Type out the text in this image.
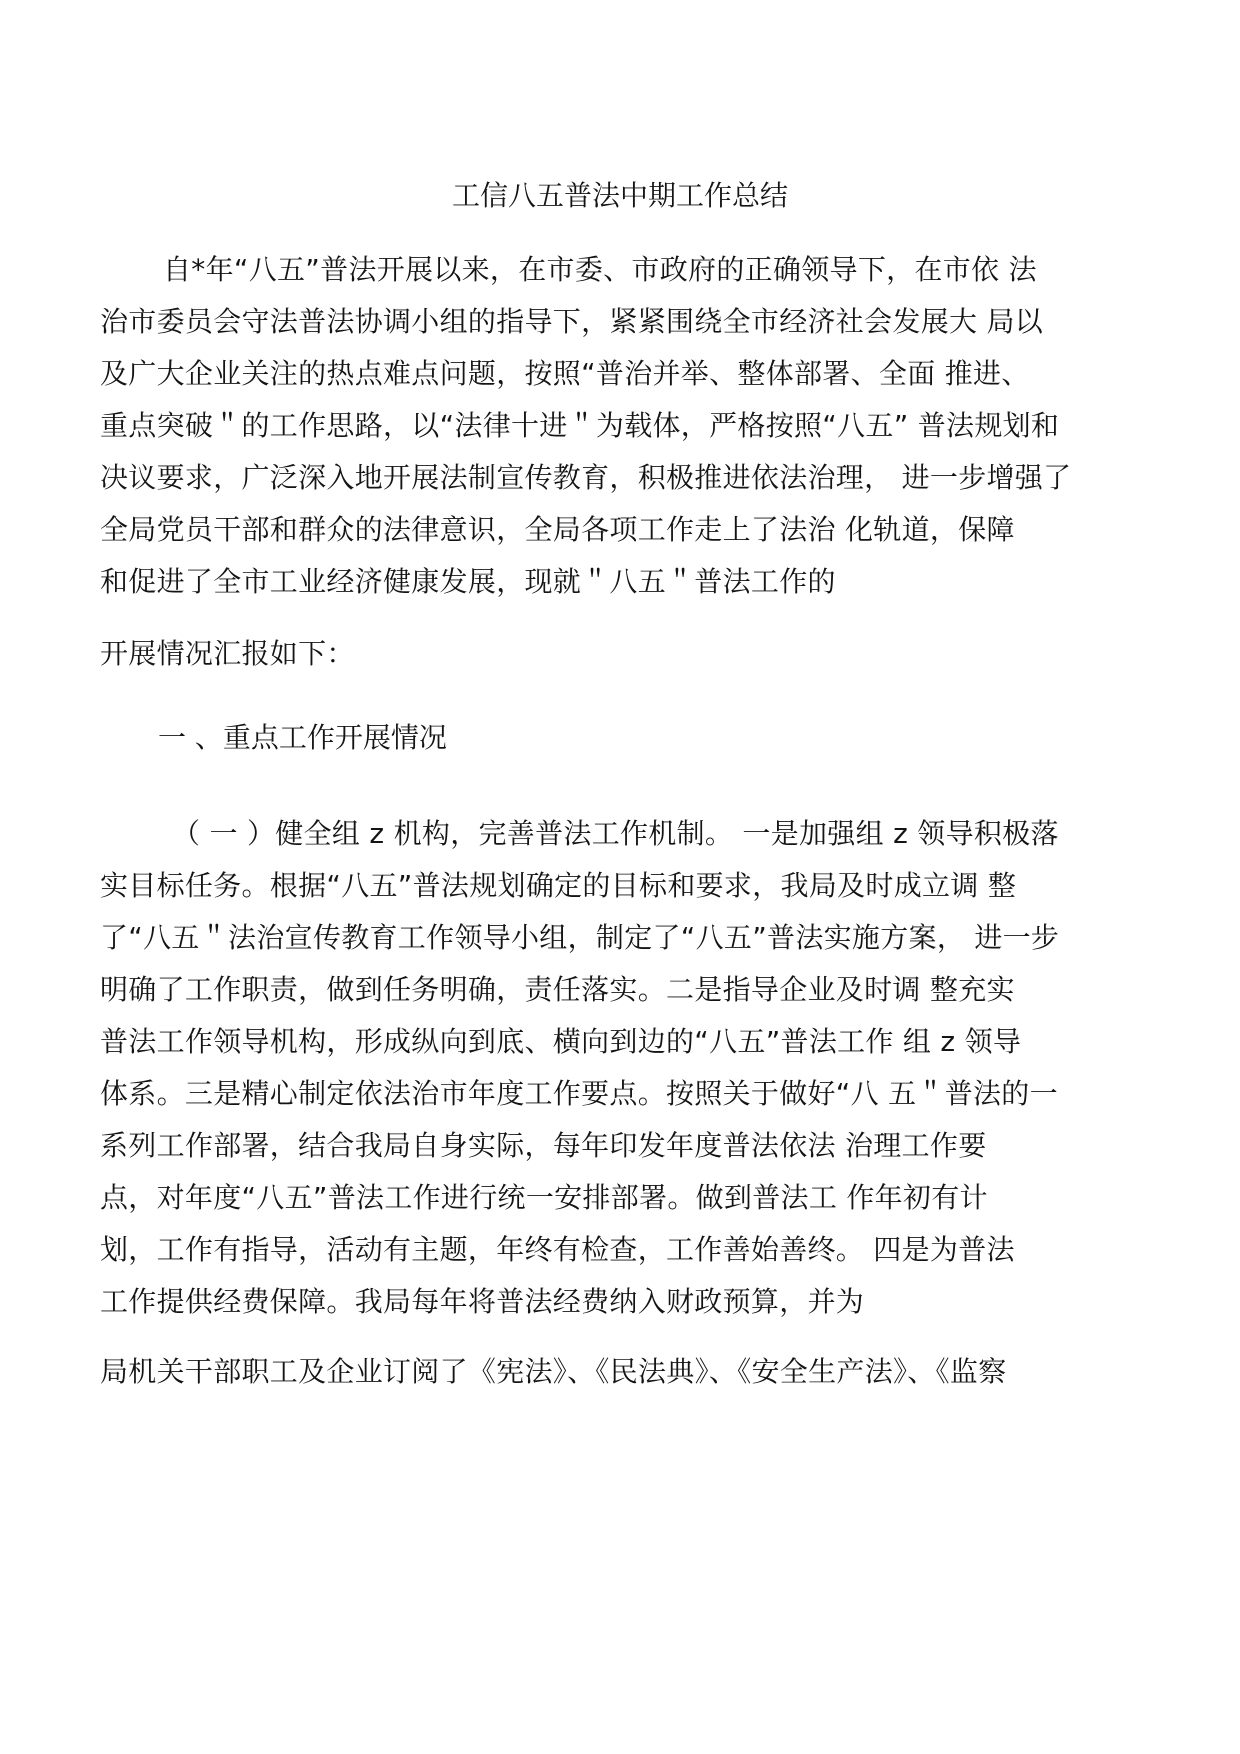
工信八五普法中期工作总结
自*年“八五”普法开展以来，在市委、市政府的正确领导下，在市依 法
治市委员会守法普法协调小组的指导下，紧紧围绕全市经济社会发展大 局以
及广大企业关注的热点难点问题，按照“普治并举、整体部署、全面 推进、
重点突破＂的工作思路，以“法律十进＂为载体，严格按照“八五” 普法规划和
决议要求，广泛深入地开展法制宣传教育，积极推进依法治理， 进一步增强了
全局党员干部和群众的法律意识，全局各项工作走上了法治 化轨道，保障
和促进了全市工业经济健康发展，现就＂八五＂普法工作的
开展情况汇报如下：
一 、重点工作开展情况
（ 一 ）健全组 z 机构，完善普法工作机制。 一是加强组 z 领导积极落
实目标任务。根据“八五”普法规划确定的目标和要求，我局及时成立调 整
了“八五＂法治宣传教育工作领导小组，制定了“八五”普法实施方案， 进一步
明确了工作职责，做到任务明确，责任落实。二是指导企业及时调 整充实
普法工作领导机构，形成纵向到底、横向到边的“八五”普法工作 组 z 领导
体系。三是精心制定依法治市年度工作要点。按照关于做好“八 五＂普法的一
系列工作部署，结合我局自身实际，每年印发年度普法依法 治理工作要
点，对年度“八五”普法工作进行统一安排部署。做到普法工 作年初有计
划，工作有指导，活动有主题，年终有检查，工作善始善终。 四是为普法
工作提供经费保障。我局每年将普法经费纳入财政预算，并为
局机关干部职工及企业订阅了《宪法》、《民法典》、《安全生产法》、《监察
